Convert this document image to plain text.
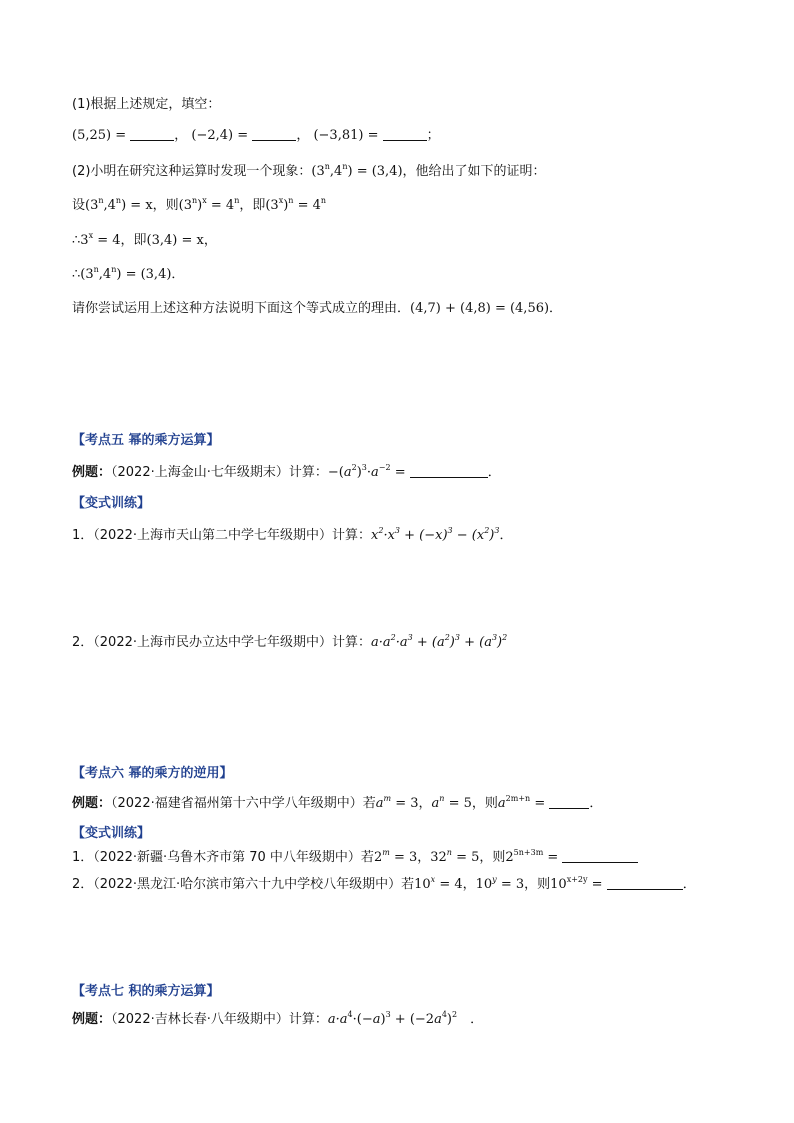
(1)根据上述规定，填空：
(5,25) =	， (−2,4) =	， (−3,81) =	；
(2)小明在研究这种运算时发现一个现象：$(3^n,4^n) = (3,4)$，他给出了如下的证明：
设$(3^n,4^n) = x$，则$(3^n)^x = 4^n$，即$(3^x)^n = 4^n$
$\therefore 3^x = 4$，即(3,4) = x，
$\therefore(3^n,4^n) = (3,4)$．
请你尝试运用上述这种方法说明下面这个等式成立的理由．(4,7) + (4,8) = (4,56)．
【考点五 幂的乘方运算】
例题：（2022·上海金山·七年级期末）计算：$-(a^2)^3\cdot a^{-2}$ =	．
【变式训练】
1．（2022·上海市天山第二中学七年级期中）计算：$x^2\cdot x^3 + (-x)^3 - (x^2)^3$．
2．（2022·上海市民办立达中学七年级期中）计算：$a\cdot a^2\cdot a^3 + (a^2)^3 + (a^3)^2$
【考点六 幂的乘方的逆用】
例题：（2022·福建省福州第十六中学八年级期中）若$a^m = 3$，$a^n = 5$，则$a^{2m+n}$ =	．
【变式训练】
1．（2022·新疆·乌鲁木齐市第 70 中八年级期中）若$2^m = 3$，$32^n = 5$，则$2^{5n+3m}$ =
2．（2022·黑龙江·哈尔滨市第六十九中学校八年级期中）若$10^x = 4$，$10^y = 3$，则$10^{x+2y}$ =	．
【考点七 积的乘方运算】
例题：（2022·吉林长春·八年级期中）计算：$a\cdot a^4\cdot(-a)^3 + (-2a^4)^2$　．
